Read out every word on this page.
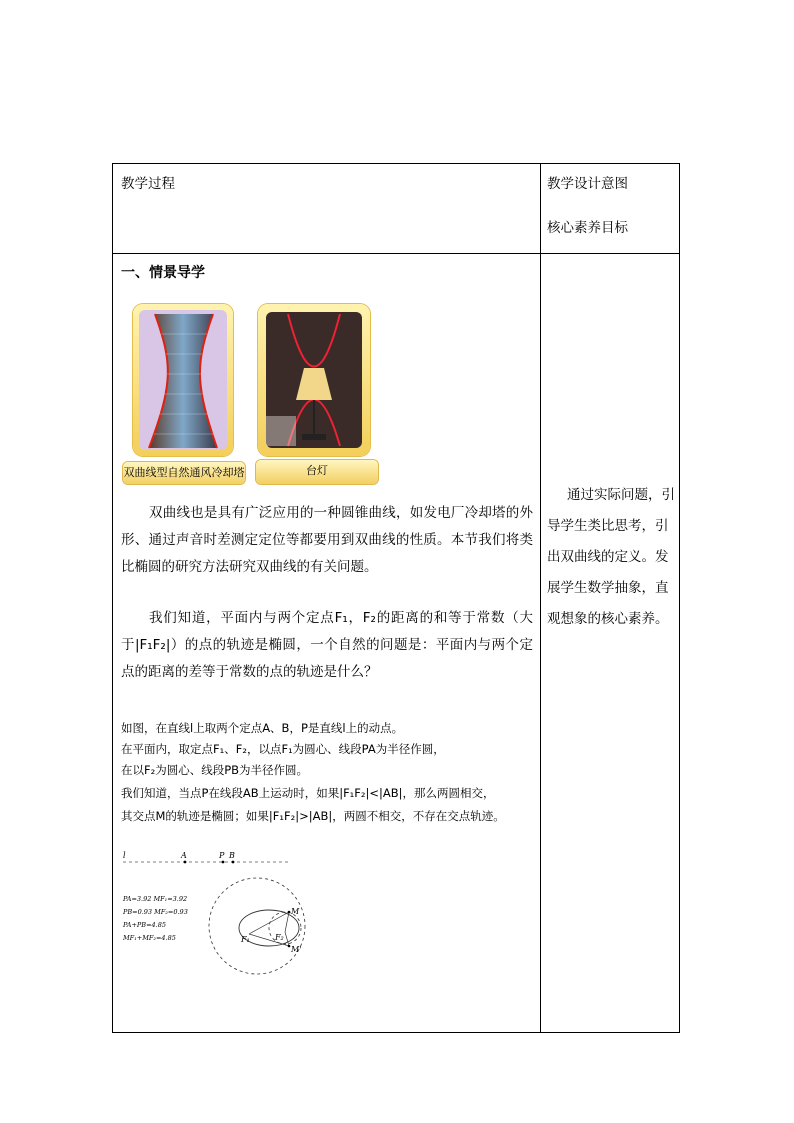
教学过程	教学设计意图
核心素养目标
一、情景导学
双曲线型自然通风冷却塔	台灯
双曲线也是具有广泛应用的一种圆锥曲线，如发电厂冷却塔的外形、通过声音时差测定定位等都要用到双曲线的性质。本节我们将类比椭圆的研究方法研究双曲线的有关问题。
我们知道，平面内与两个定点F₁，F₂的距离的和等于常数（大于|F₁F₂|）的点的轨迹是椭圆，一个自然的问题是：平面内与两个定点的距离的差等于常数的点的轨迹是什么？
如图，在直线l上取两个定点A、B，P是直线l上的动点。
在平面内，取定点F₁、F₂，以点F₁为圆心、线段PA为半径作圆，
在以F₂为圆心、线段PB为半径作圆。
我们知道，当点P在线段AB上运动时，如果|F₁F₂|<|AB|，那么两圆相交，
其交点M的轨迹是椭圆；如果|F₁F₂|>|AB|，两圆不相交，不存在交点轨迹。
l	A	P B
PA=3.92 MF₁=3.92
PB=0.93 MF₂=0.93
PA+PB=4.85
MF₁+MF₂=4.85
M
M'
F₁	F₂
通过实际问题，引导学生类比思考，引出双曲线的定义。发展学生数学抽象，直观想象的核心素养。
